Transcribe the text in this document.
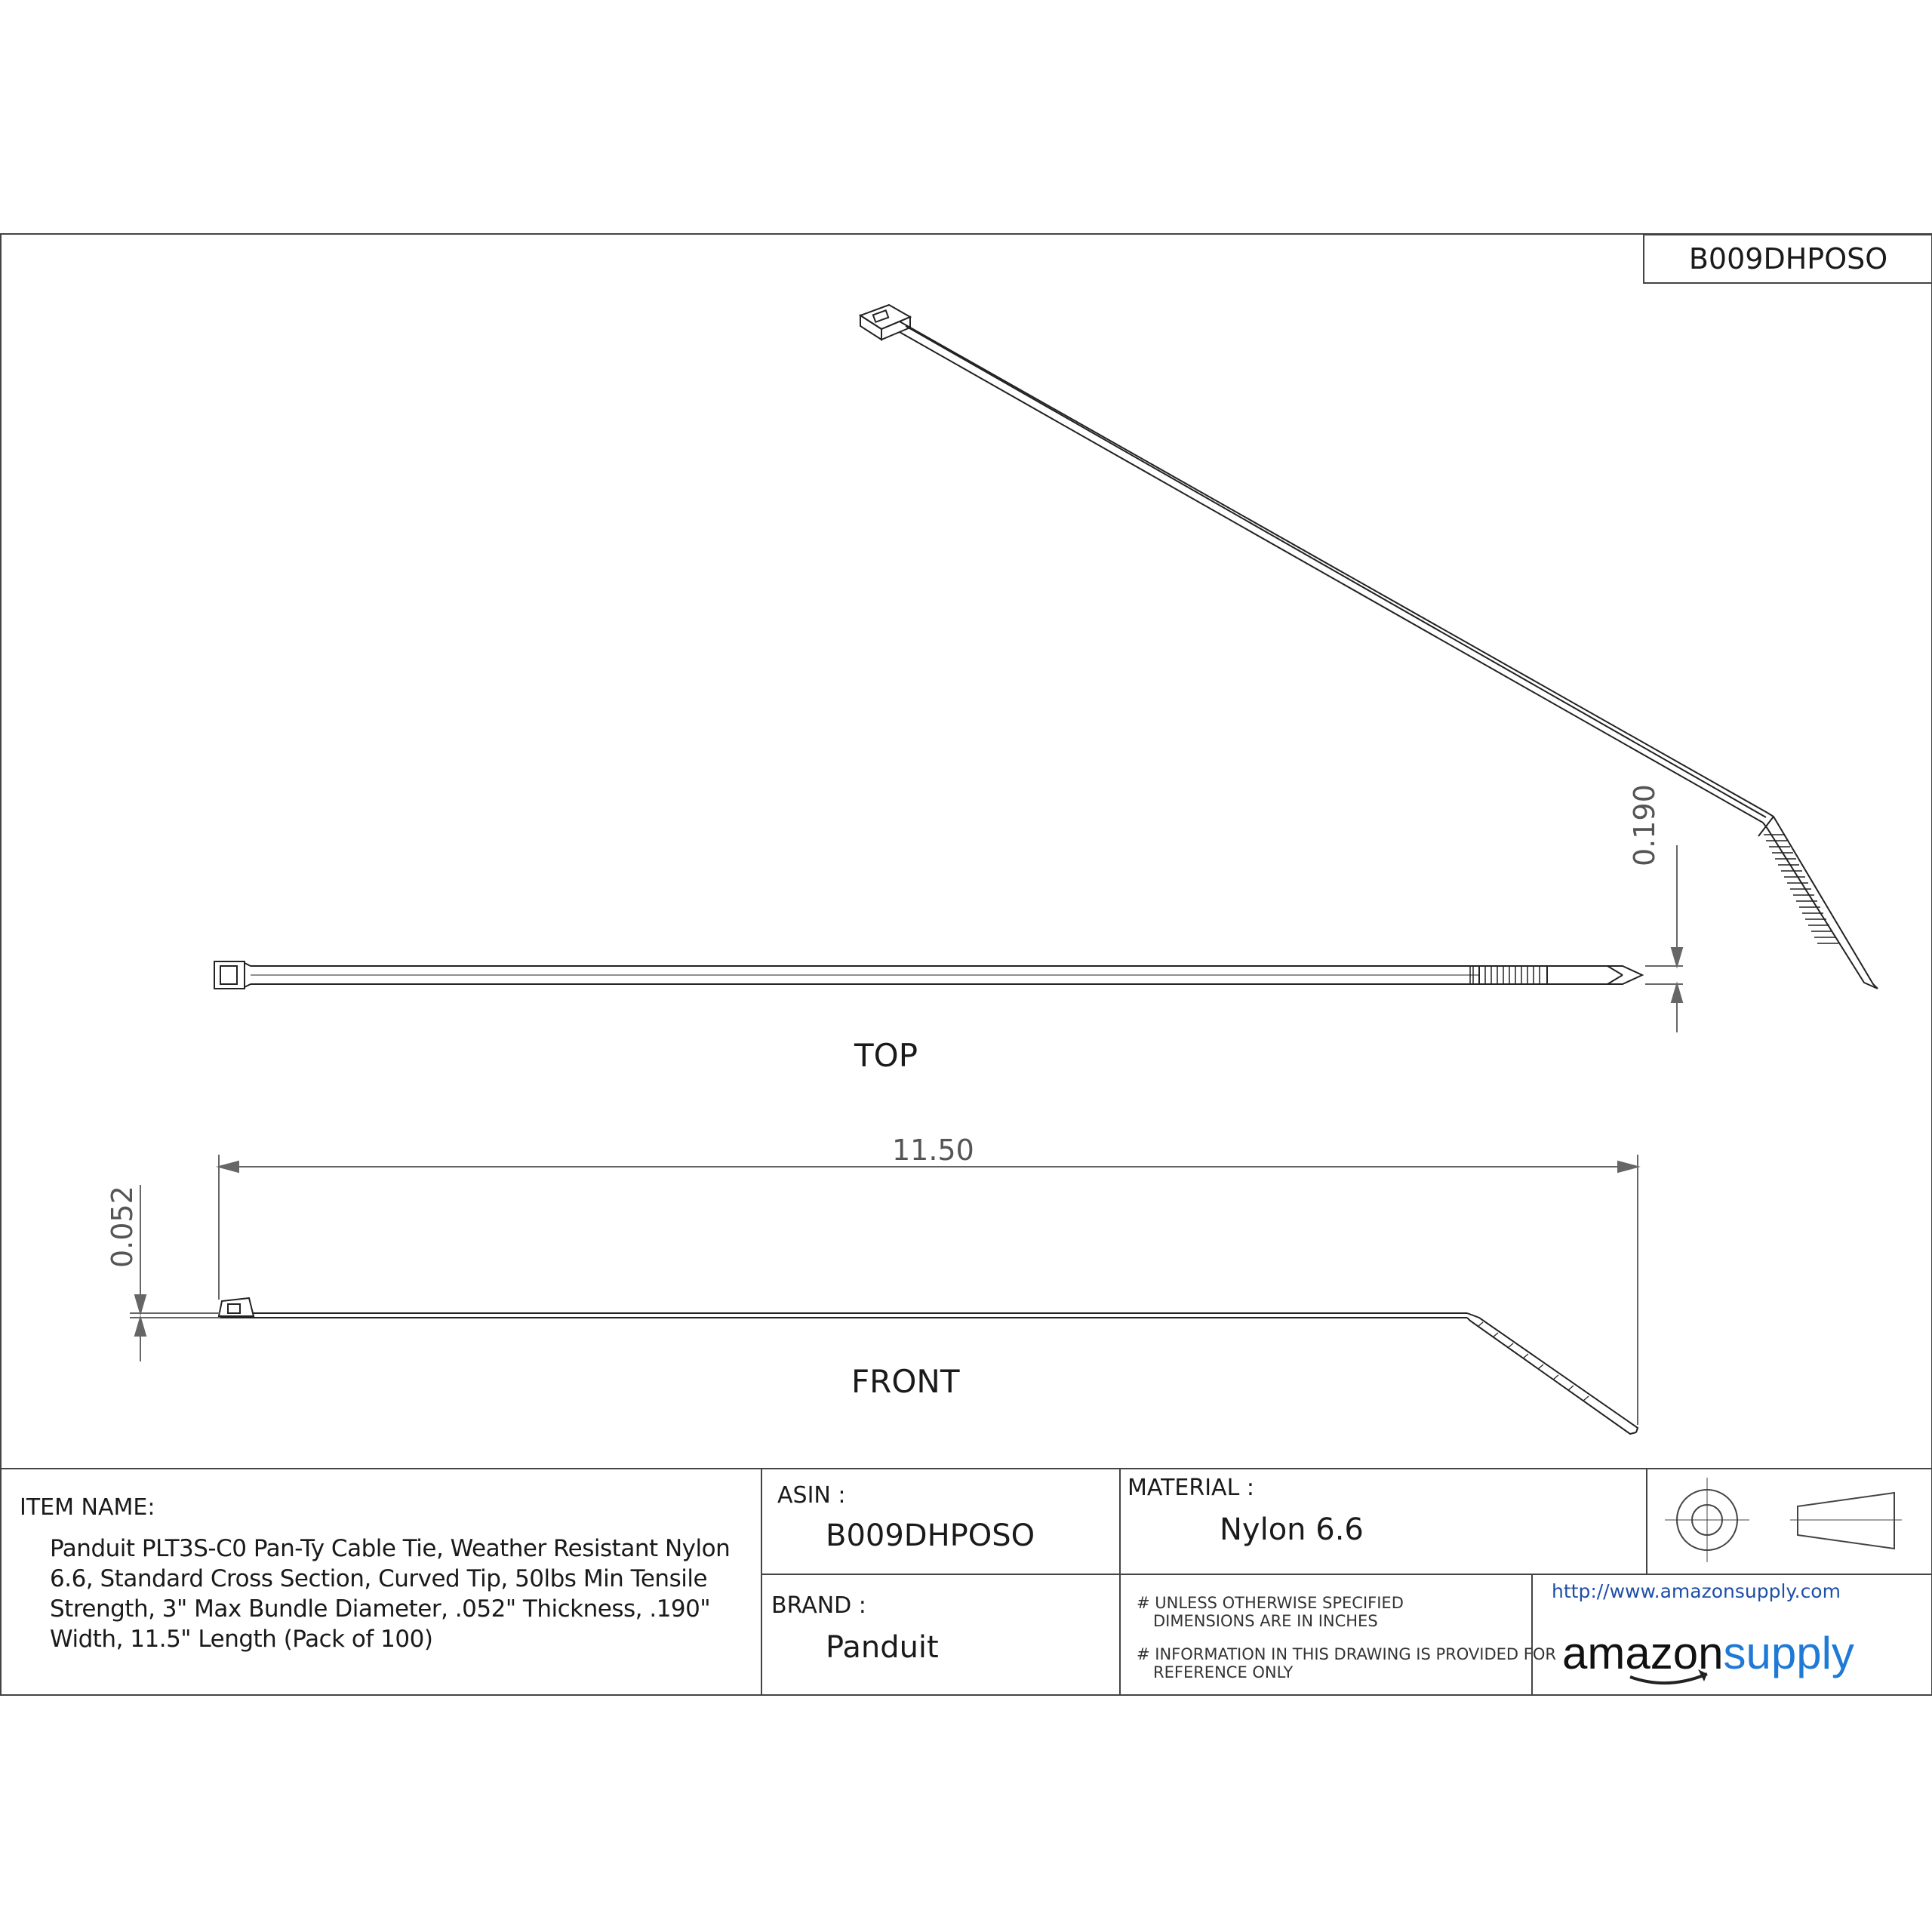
B009DHPOSO
TOP
FRONT
0.190
11.50
0.052
ITEM NAME:
Panduit PLT3S-C0 Pan-Ty Cable Tie, Weather Resistant Nylon 6.6, Standard Cross Section, Curved Tip, 50lbs Min Tensile Strength, 3" Max Bundle Diameter, .052" Thickness, .190" Width, 11.5" Length (Pack of 100)
ASIN :
B009DHPOSO
BRAND :
Panduit
MATERIAL :
Nylon 6.6
# UNLESS OTHERWISE SPECIFIED
DIMENSIONS ARE IN INCHES
# INFORMATION IN THIS DRAWING IS PROVIDED FOR
REFERENCE ONLY
http://www.amazonsupply.com
amazonsupply
